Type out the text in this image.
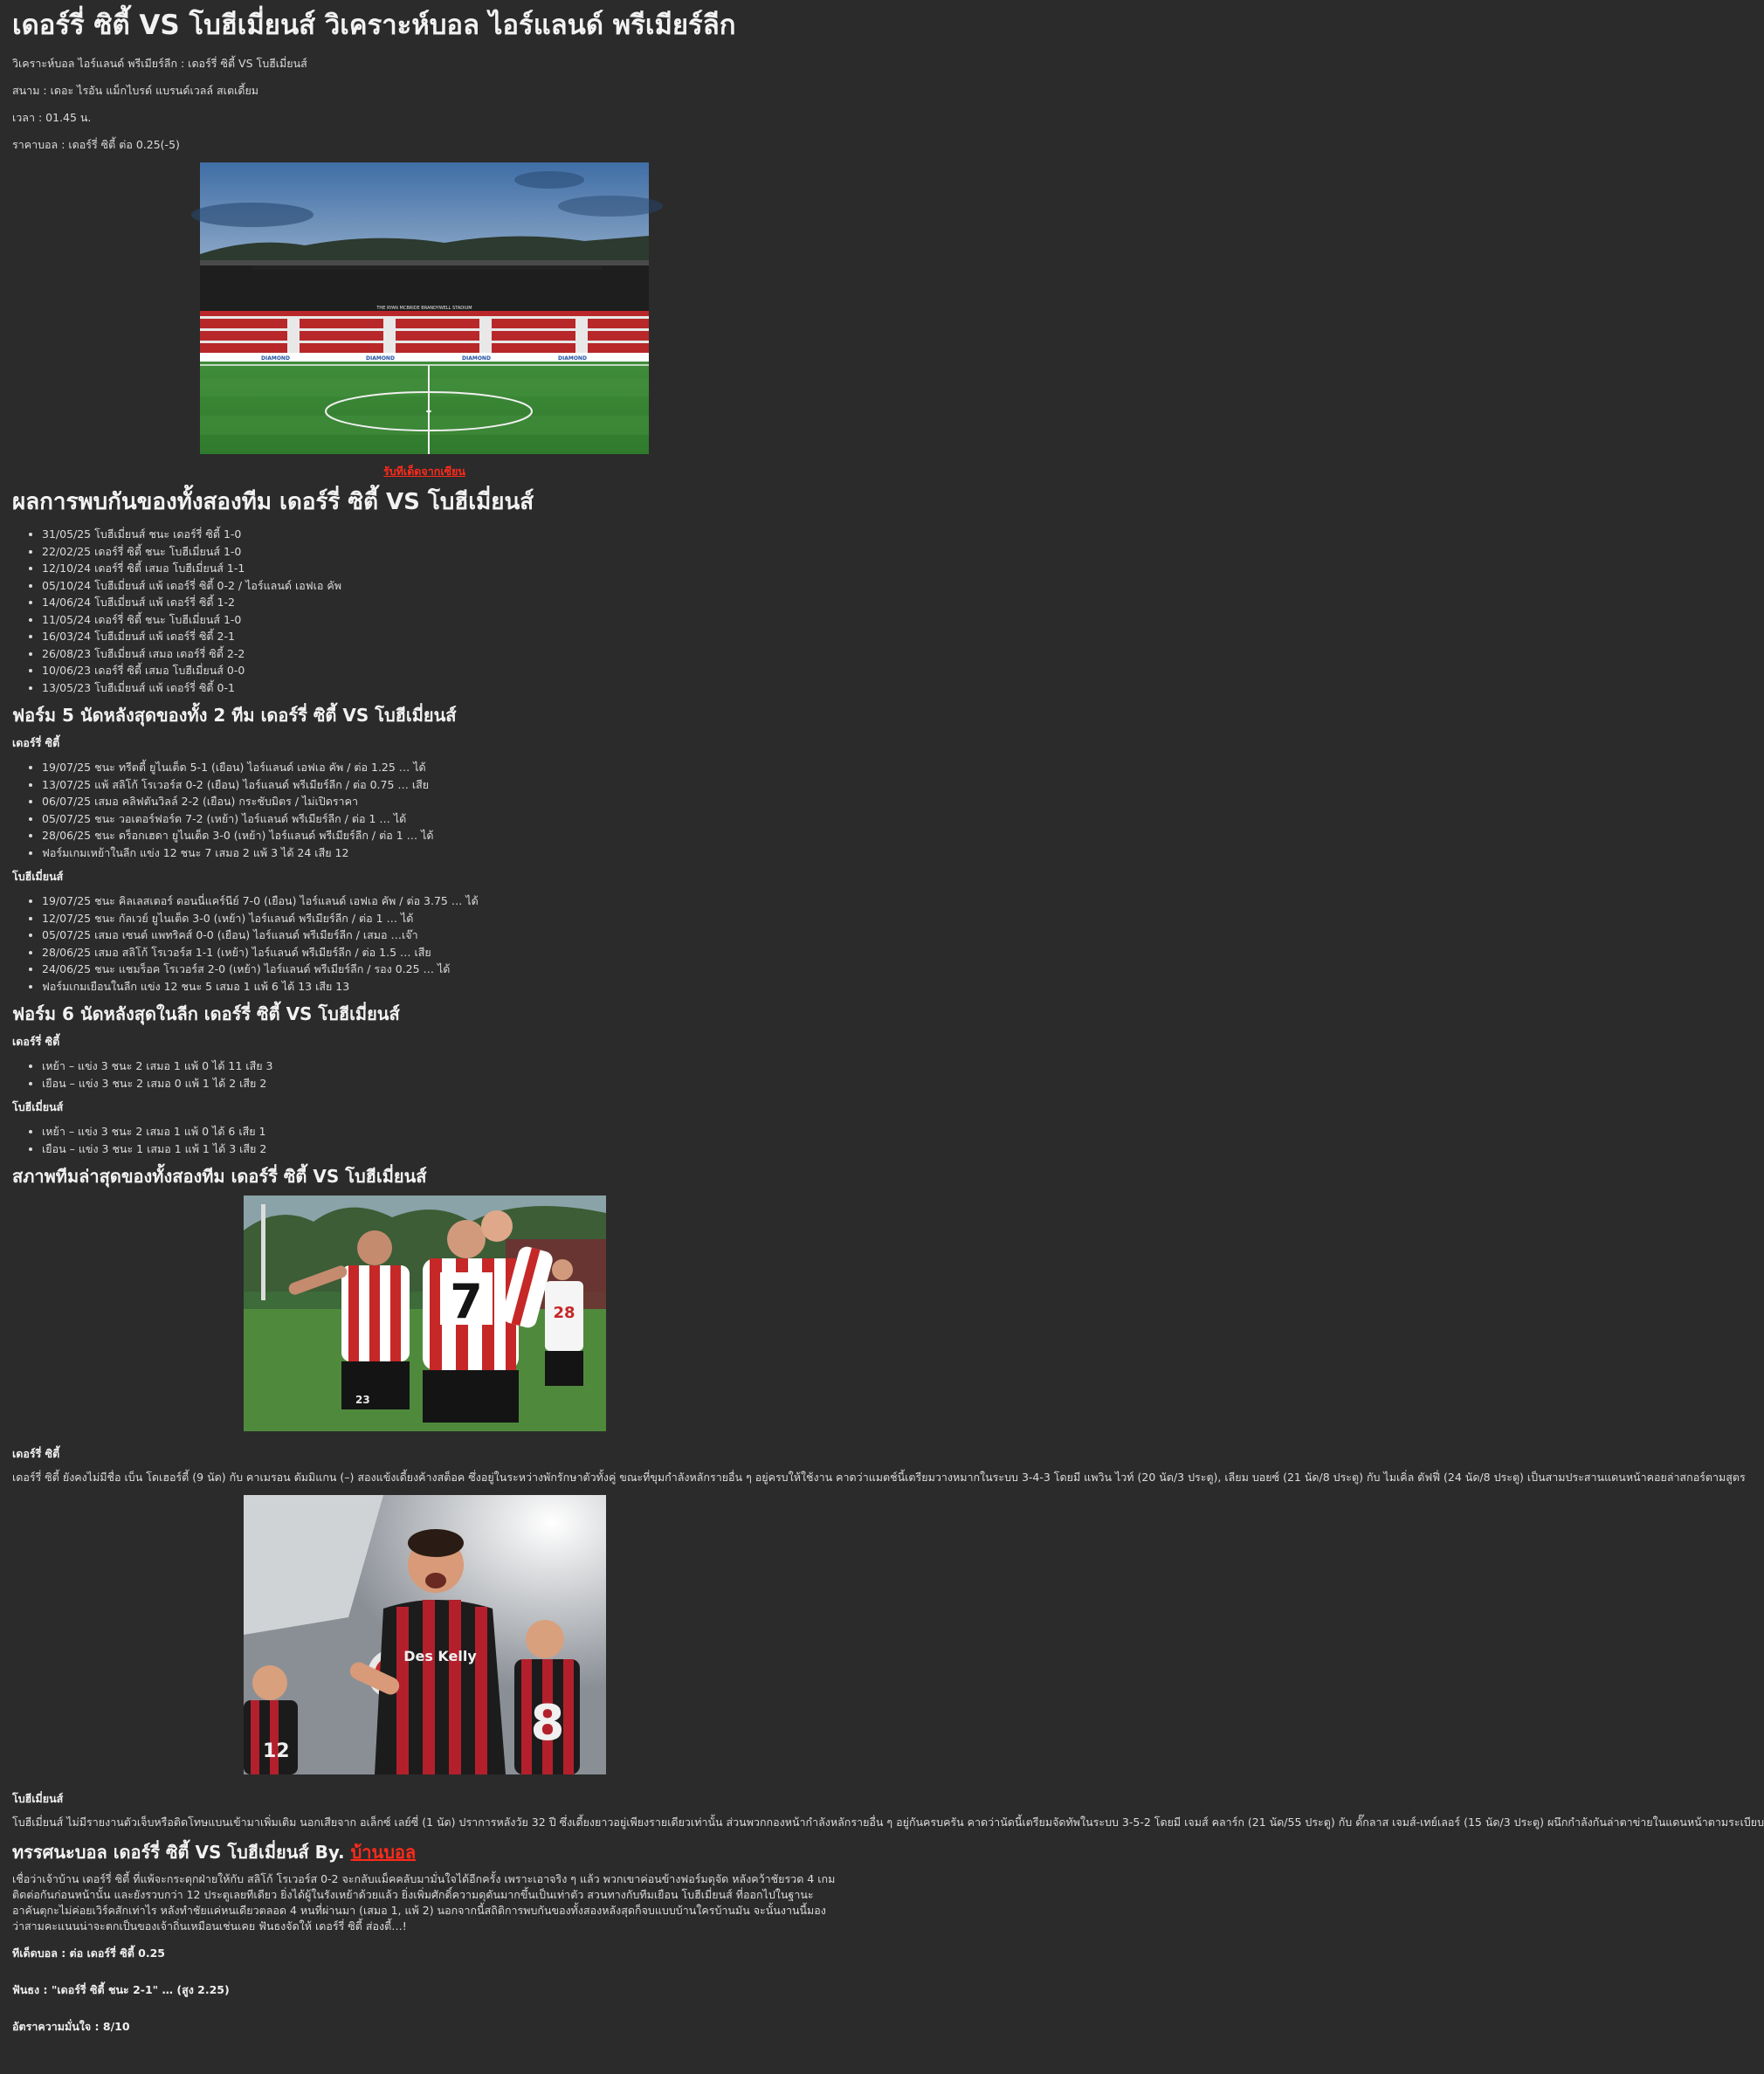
เดอร์รี่ ซิตี้ VS โบฮีเมี่ยนส์ วิเคราะห์บอล ไอร์แลนด์ พรีเมียร์ลีก

วิเคราะห์บอล ไอร์แลนด์ พรีเมียร์ลีก : เดอร์รี่ ซิตี้ VS โบฮีเมี่ยนส์

สนาม : เดอะ ไรอัน แม็กไบรด์ แบรนด์เวลล์ สเตเดี้ยม

เวลา : 01.45 น.

ราคาบอล : เดอร์รี่ ซิตี้ ต่อ 0.25(-5)

THE RYAN MCBRIDE BRANDYWELL STADIUM
DIAMOND	DIAMOND	DIAMOND	DIAMOND
รับทีเด็ดจากเซียน
ผลการพบกันของทั้งสองทีม เดอร์รี่ ซิตี้ VS โบฮีเมี่ยนส์
• 31/05/25 โบฮีเมี่ยนส์ ชนะ เดอร์รี่ ซิตี้ 1-0
• 22/02/25 เดอร์รี่ ซิตี้ ชนะ โบฮีเมี่ยนส์ 1-0
• 12/10/24 เดอร์รี่ ซิตี้ เสมอ โบฮีเมี่ยนส์ 1-1
• 05/10/24 โบฮีเมี่ยนส์ แพ้ เดอร์รี่ ซิตี้ 0-2 / ไอร์แลนด์ เอฟเอ คัพ
• 14/06/24 โบฮีเมี่ยนส์ แพ้ เดอร์รี่ ซิตี้ 1-2
• 11/05/24 เดอร์รี่ ซิตี้ ชนะ โบฮีเมี่ยนส์ 1-0
• 16/03/24 โบฮีเมี่ยนส์ แพ้ เดอร์รี่ ซิตี้ 2-1
• 26/08/23 โบฮีเมี่ยนส์ เสมอ เดอร์รี่ ซิตี้ 2-2
• 10/06/23 เดอร์รี่ ซิตี้ เสมอ โบฮีเมี่ยนส์ 0-0
• 13/05/23 โบฮีเมี่ยนส์ แพ้ เดอร์รี่ ซิตี้ 0-1
ฟอร์ม 5 นัดหลังสุดของทั้ง 2 ทีม เดอร์รี่ ซิตี้ VS โบฮีเมี่ยนส์
เดอร์รี่ ซิตี้
• 19/07/25 ชนะ ทรีตตี้ ยูไนเต็ด 5-1 (เยือน) ไอร์แลนด์ เอฟเอ คัพ / ต่อ 1.25 … ได้
• 13/07/25 แพ้ สลิโก้ โรเวอร์ส 0-2 (เยือน) ไอร์แลนด์ พรีเมียร์ลีก / ต่อ 0.75 … เสีย
• 06/07/25 เสมอ คลิฟตันวิลล์ 2-2 (เยือน) กระชับมิตร / ไม่เปิดราคา
• 05/07/25 ชนะ วอเตอร์ฟอร์ด 7-2 (เหย้า) ไอร์แลนด์ พรีเมียร์ลีก / ต่อ 1 … ได้
• 28/06/25 ชนะ ดร็อกเฮดา ยูไนเต็ด 3-0 (เหย้า) ไอร์แลนด์ พรีเมียร์ลีก / ต่อ 1 … ได้
• ฟอร์มเกมเหย้าในลีก แข่ง 12 ชนะ 7 เสมอ 2 แพ้ 3 ได้ 24 เสีย 12
โบฮีเมี่ยนส์
• 19/07/25 ชนะ คิลเลสเตอร์ ดอนนี่แคร์นีย์ 7-0 (เยือน) ไอร์แลนด์ เอฟเอ คัพ / ต่อ 3.75 … ได้
• 12/07/25 ชนะ กัลเวย์ ยูไนเต็ด 3-0 (เหย้า) ไอร์แลนด์ พรีเมียร์ลีก / ต่อ 1 … ได้
• 05/07/25 เสมอ เซนต์ แพทริคส์ 0-0 (เยือน) ไอร์แลนด์ พรีเมียร์ลีก / เสมอ …เจ๊า
• 28/06/25 เสมอ สลิโก้ โรเวอร์ส 1-1 (เหย้า) ไอร์แลนด์ พรีเมียร์ลีก / ต่อ 1.5 … เสีย
• 24/06/25 ชนะ แชมร็อค โรเวอร์ส 2-0 (เหย้า) ไอร์แลนด์ พรีเมียร์ลีก / รอง 0.25 … ได้
• ฟอร์มเกมเยือนในลีก แข่ง 12 ชนะ 5 เสมอ 1 แพ้ 6 ได้ 13 เสีย 13
ฟอร์ม 6 นัดหลังสุดในลีก เดอร์รี่ ซิตี้ VS โบฮีเมี่ยนส์
เดอร์รี่ ซิตี้
• เหย้า – แข่ง 3 ชนะ 2 เสมอ 1 แพ้ 0 ได้ 11 เสีย 3
• เยือน – แข่ง 3 ชนะ 2 เสมอ 0 แพ้ 1 ได้ 2 เสีย 2
โบฮีเมี่ยนส์
• เหย้า – แข่ง 3 ชนะ 2 เสมอ 1 แพ้ 0 ได้ 6 เสีย 1
• เยือน – แข่ง 3 ชนะ 1 เสมอ 1 แพ้ 1 ได้ 3 เสีย 2
สภาพทีมล่าสุดของทั้งสองทีม เดอร์รี่ ซิตี้ VS โบฮีเมี่ยนส์
23
7	28
เดอร์รี่ ซิตี้

เดอร์รี่ ซิตี้ ยังคงไม่มีชื่อ เบ็น โดเฮอร์ตี้ (9 นัด) กับ คาเมรอน ดัมมิแกน (–) สองแข้งเดี้ยงค้างสต็อค ซึ่งอยู่ในระหว่างพักรักษาตัวทั้งคู่ ขณะที่ขุมกำลังหลักรายอื่น ๆ อยู่ครบให้ใช้งาน คาดว่าแมตช์นี้เตรียมวางหมากในระบบ 3-4-3 โดยมี แพวิน ไวท์ (20 นัด/3 ประตู), เลียม บอยซ์ (21 นัด/8 ประตู) กับ ไมเคิ่ล ดัฟฟี่ (24 นัด/8 ประตู) เป็นสามประสานแดนหน้าคอยล่าสกอร์ตามสูตร

12
Des Kelly
8
โบฮีเมี่ยนส์

โบฮีเมี่ยนส์ ไม่มีรายงานตัวเจ็บหรือติดโทษแบนเข้ามาเพิ่มเติม นอกเสียจาก อเล็กซ์ เลย์ซี่ (1 นัด) ปราการหลังวัย 32 ปี ซึ่งเดี้ยงยาวอยู่เพียงรายเดียวเท่านั้น ส่วนพวกกองหน้ากำลังหลักรายอื่น ๆ อยู่กันครบครัน คาดว่านัดนี้เตรียมจัดทัพในระบบ 3-5-2 โดยมี เจมส์ คลาร์ก (21 นัด/55 ประตู) กับ ดั๊กลาส เจมส์-เทย์เลอร์ (15 นัด/3 ประตู) ผนึกกำลังกันล่าตาข่ายในแดนหน้าตามระเบียบ

ทรรศนะบอล เดอร์รี่ ซิตี้ VS โบฮีเมี่ยนส์ By. บ้านบอล

เชื่อว่าเจ้าบ้าน เดอร์รี่ ซิตี้ ที่แพ้จะกระดุกฝ่ายให้กับ สลิโก้ โรเวอร์ส 0-2 จะกลับแม็คคลับมามั่นใจได้อีกครั้ง เพราะเอาจริง ๆ แล้ว พวกเขาค่อนข้างฟอร์มดุจัด หลังคว้าชัยรวด 4 เกมติดต่อกันก่อนหน้านั้น และยังรวบกว่า 12 ประตูเลยทีเดียว ยิ่งได้ผู้ในรังเหย้าด้วยแล้ว ยิ่งเพิ่มศักดิ์ความดุดันมากขึ้นเป็นเท่าตัว สวนทางกับทีมเยือน โบฮีเมี่ยนส์ ที่ออกไปในฐานะอาคันตุกะไม่ค่อยเวิร์คสักเท่าไร หลังทำชัยแค่หนเดียวตลอด 4 หนที่ผ่านมา (เสมอ 1, แพ้ 2) นอกจากนี้สถิติการพบกันของทั้งสองหลังสุดก็จบแบบบ้านใครบ้านมัน จะนั้นงานนี้มองว่าสามคะแนนน่าจะตกเป็นของเจ้าถิ่นเหมือนเช่นเคย ฟันธงจัดให้ เดอร์รี่ ซิตี้ ส่องตี้…!

ทีเด็ดบอล : ต่อ เดอร์รี่ ซิตี้ 0.25
ฟันธง : "เดอร์รี่ ซิตี้ ชนะ 2-1" … (สูง 2.25)
อัตราความมั่นใจ : 8/10
